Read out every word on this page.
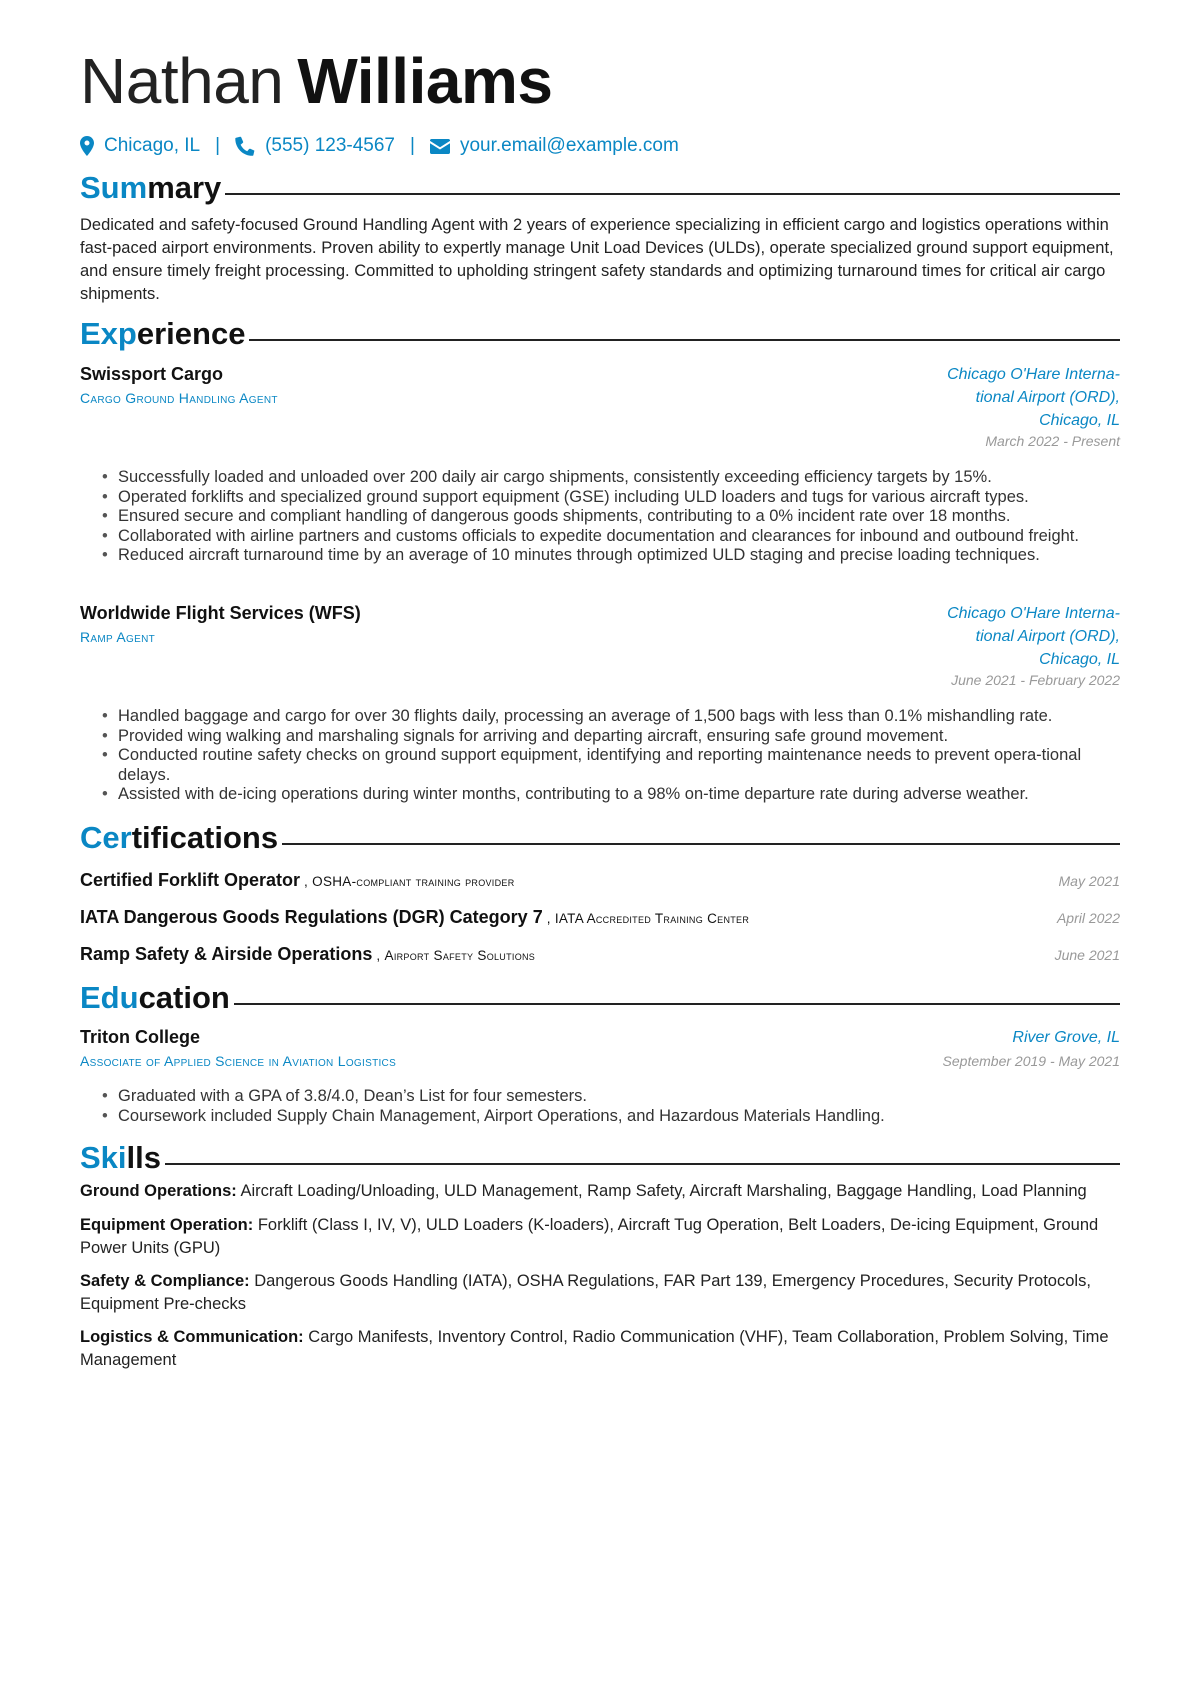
Nathan Williams
Chicago, IL | (555) 123-4567 | your.email@example.com
Summary

Dedicated and safety-focused Ground Handling Agent with 2 years of experience specializing in efficient cargo and logistics operations within fast-paced airport environments. Proven ability to expertly manage Unit Load Devices (ULDs), operate specialized ground support equipment, and ensure timely freight processing. Committed to upholding stringent safety standards and optimizing turnaround times for critical air cargo shipments.

Experience
Swissport Cargo
Cargo Ground Handling Agent
Chicago O'Hare Interna-
tional Airport (ORD),
Chicago, IL
March 2022 - Present
• Successfully loaded and unloaded over 200 daily air cargo shipments, consistently exceeding efficiency targets by 15%.
• Operated forklifts and specialized ground support equipment (GSE) including ULD loaders and tugs for various aircraft types.
• Ensured secure and compliant handling of dangerous goods shipments, contributing to a 0% incident rate over 18 months.
• Collaborated with airline partners and customs officials to expedite documentation and clearances for inbound and outbound freight.
• Reduced aircraft turnaround time by an average of 10 minutes through optimized ULD staging and precise loading techniques.
Worldwide Flight Services (WFS)
Ramp Agent
Chicago O'Hare Interna-
tional Airport (ORD),
Chicago, IL
June 2021 - February 2022
• Handled baggage and cargo for over 30 flights daily, processing an average of 1,500 bags with less than 0.1% mishandling rate.
• Provided wing walking and marshaling signals for arriving and departing aircraft, ensuring safe ground movement.
• Conducted routine safety checks on ground support equipment, identifying and reporting maintenance needs to prevent opera-tional delays.
• Assisted with de-icing operations during winter months, contributing to a 98% on-time departure rate during adverse weather.
Certifications
Certified Forklift Operator , OSHA-compliant training provider	May 2021
IATA Dangerous Goods Regulations (DGR) Category 7 , IATA Accredited Training Center	April 2022
Ramp Safety & Airside Operations , Airport Safety Solutions	June 2021
Education
Triton College
Associate of Applied Science in Aviation Logistics
River Grove, IL
September 2019 - May 2021
• Graduated with a GPA of 3.8/4.0, Dean’s List for four semesters.
• Coursework included Supply Chain Management, Airport Operations, and Hazardous Materials Handling.
Skills

Ground Operations: Aircraft Loading/Unloading, ULD Management, Ramp Safety, Aircraft Marshaling, Baggage Handling, Load Planning

Equipment Operation: Forklift (Class I, IV, V), ULD Loaders (K-loaders), Aircraft Tug Operation, Belt Loaders, De-icing Equipment, Ground Power Units (GPU)

Safety & Compliance: Dangerous Goods Handling (IATA), OSHA Regulations, FAR Part 139, Emergency Procedures, Security Protocols, Equipment Pre-checks

Logistics & Communication: Cargo Manifests, Inventory Control, Radio Communication (VHF), Team Collaboration, Problem Solving, Time Management
